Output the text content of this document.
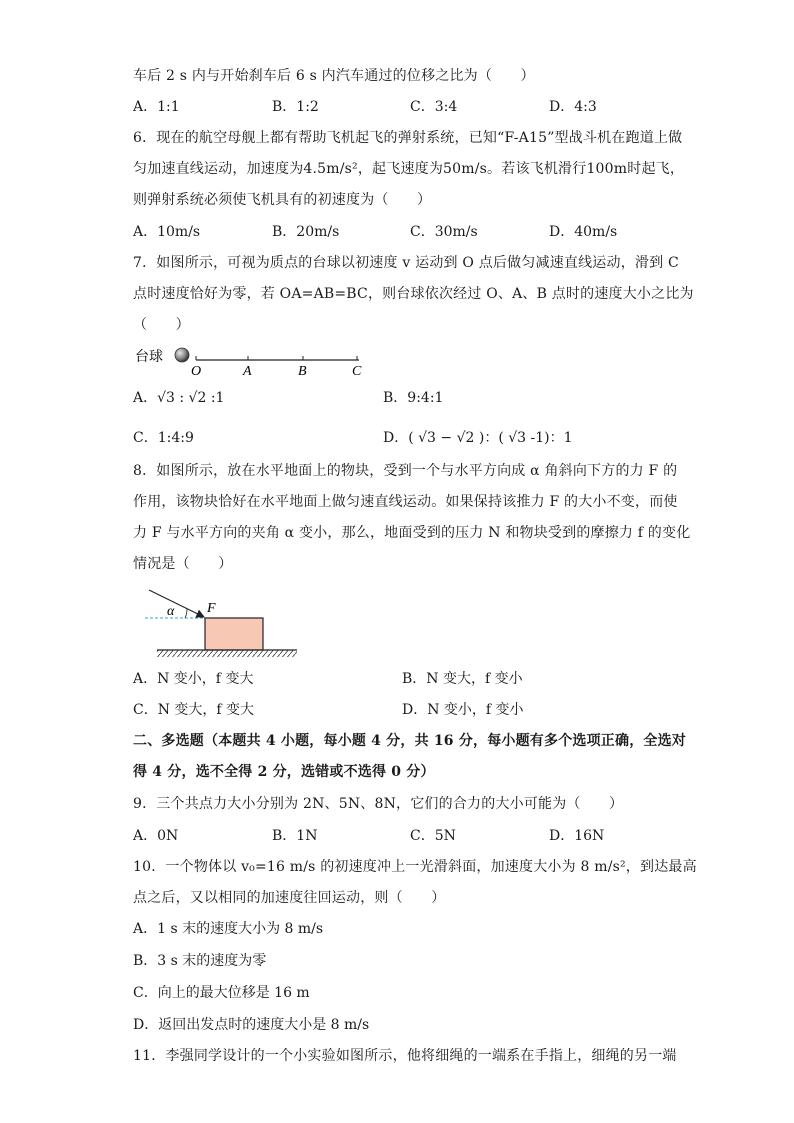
车后 2 s 内与开始刹车后 6 s 内汽车通过的位移之比为（　　）
A．1:1	B．1:2	C．3:4	D．4:3
6．现在的航空母舰上都有帮助飞机起飞的弹射系统，已知“F-A15”型战斗机在跑道上做
匀加速直线运动，加速度为4.5m/s²，起飞速度为50m/s。若该飞机滑行100m时起飞，
则弹射系统必须使飞机具有的初速度为（　　）
A．10m/s	B．20m/s	C．30m/s	D．40m/s
7．如图所示，可视为质点的台球以初速度 v 运动到 O 点后做匀减速直线运动，滑到 C
点时速度恰好为零，若 OA=AB=BC，则台球依次经过 O、A、B 点时的速度大小之比为
（　　）
台球
O	A	B	C
A．√3 : √2 :1	B．9:4:1
C．1:4:9	D．( √3 − √2 )：( √3 -1)：1
8．如图所示，放在水平地面上的物块，受到一个与水平方向成 α 角斜向下方的力 F 的
作用，该物块恰好在水平地面上做匀速直线运动。如果保持该推力 F 的大小不变，而使
力 F 与水平方向的夹角 α 变小，那么，地面受到的压力 N 和物块受到的摩擦力 f 的变化
情况是（　　）
α F
A．N 变小，f 变大	B．N 变大，f 变小
C．N 变大，f 变大	D．N 变小，f 变小
二、多选题（本题共 4 小题，每小题 4 分，共 16 分，每小题有多个选项正确，全选对
得 4 分，选不全得 2 分，选错或不选得 0 分）
9．三个共点力大小分别为 2N、5N、8N，它们的合力的大小可能为（　　）
A．0N	B．1N	C．5N	D．16N
10．一个物体以 v₀=16 m/s 的初速度冲上一光滑斜面，加速度大小为 8 m/s²，到达最高
点之后，又以相同的加速度往回运动，则（　　）
A．1 s 末的速度大小为 8 m/s
B．3 s 末的速度为零
C．向上的最大位移是 16 m
D．返回出发点时的速度大小是 8 m/s
11．李强同学设计的一个小实验如图所示，他将细绳的一端系在手指上，细绳的另一端
